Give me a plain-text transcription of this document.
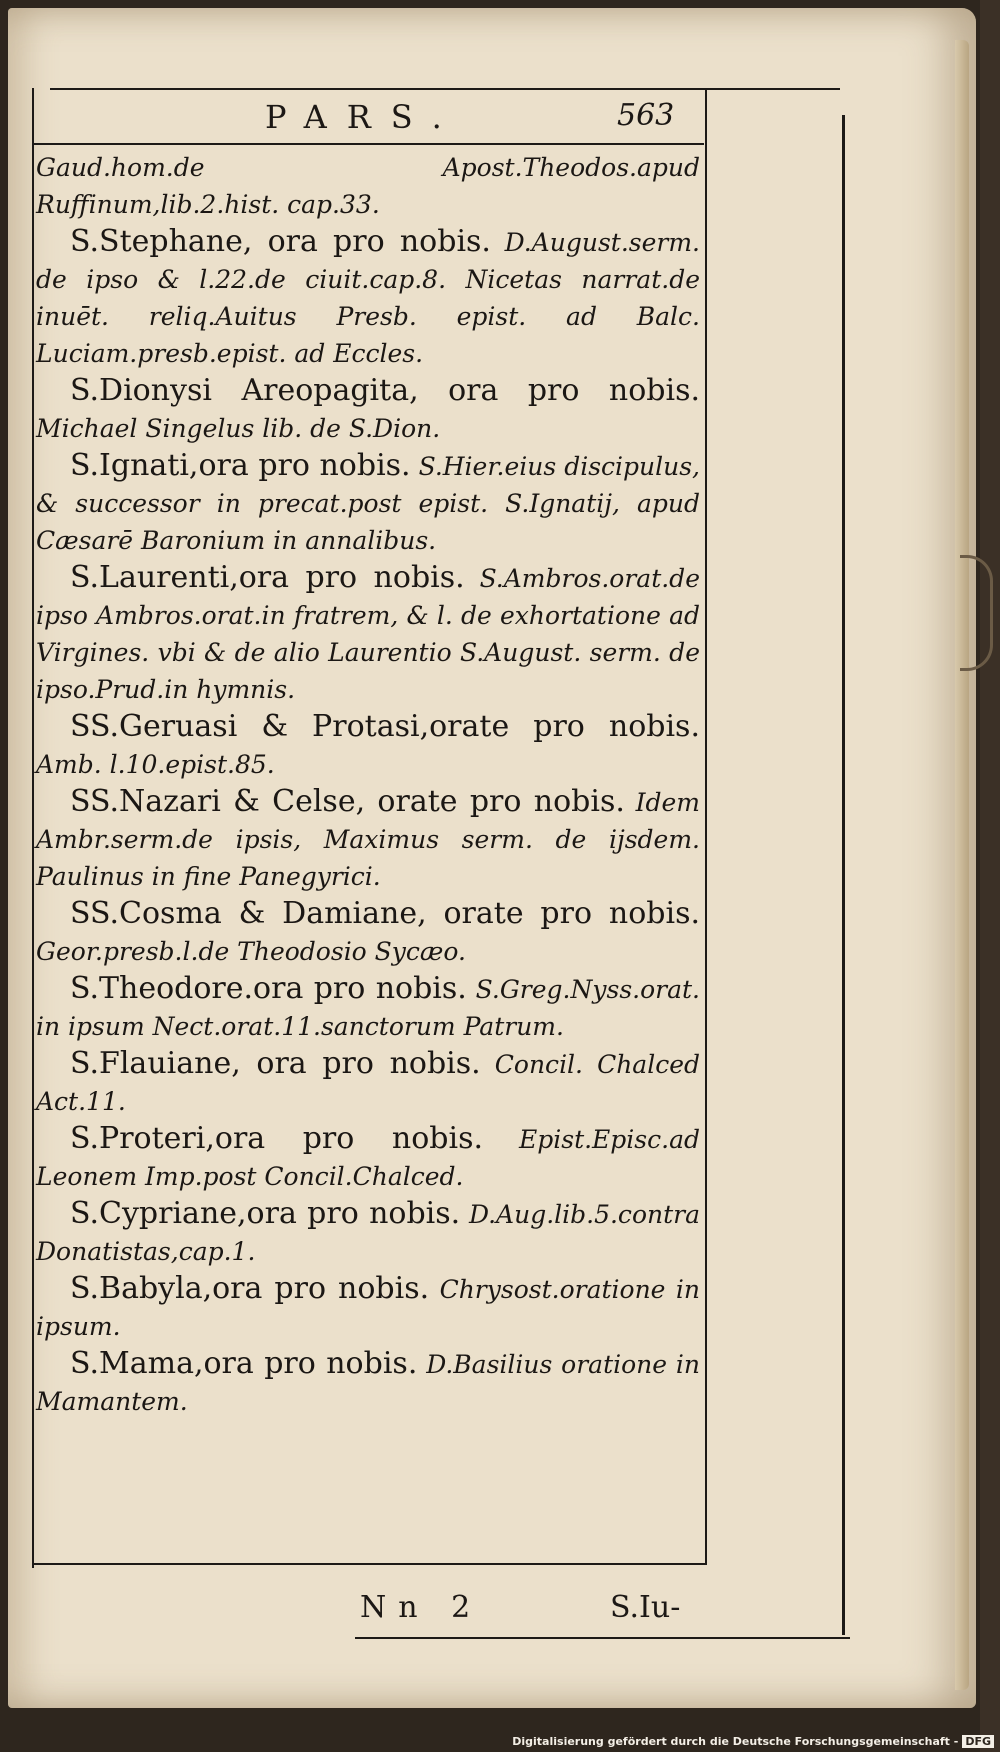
PARS.	563

Gaud.hom.de Apost.Theodos.apud Ruffinum,lib.2.hist. cap.33.

S.Stephane, ora pro nobis. D.August.serm. de ipso & l.22.de ciuit.cap.8. Nicetas narrat.de inuēt. reliq.Auitus Presb. epist. ad Balc. Luciam.presb.epist. ad Eccles.

S.Dionysi Areopagita, ora pro nobis. Michael Singelus lib. de S.Dion.

S.Ignati,ora pro nobis. S.Hier.eius discipulus, & successor in precat.post epist. S.Ignatij, apud Cæsarē Baronium in annalibus.

S.Laurenti,ora pro nobis. S.Ambros.orat.de ipso Ambros.orat.in fratrem, & l. de exhortatione ad Virgines. vbi & de alio Laurentio S.August. serm. de ipso.Prud.in hymnis.

SS.Geruasi & Protasi,orate pro nobis. Amb. l.10.epist.85.

SS.Nazari & Celse, orate pro nobis. Idem Ambr.serm.de ipsis, Maximus serm. de ijsdem. Paulinus in fine Panegyrici.

SS.Cosma & Damiane, orate pro nobis. Geor.presb.l.de Theodosio Sycæo.

S.Theodore.ora pro nobis. S.Greg.Nyss.orat. in ipsum Nect.orat.11.sanctorum Patrum.

S.Flauiane, ora pro nobis. Concil. Chalced Act.11.

S.Proteri,ora pro nobis. Epist.Episc.ad Leonem Imp.post Concil.Chalced.

S.Cypriane,ora pro nobis. D.Aug.lib.5.contra Donatistas,cap.1.

S.Babyla,ora pro nobis. Chrysost.oratione in ipsum.

S.Mama,ora pro nobis. D.Basilius oratione in Mamantem.

Nn 2	S.Iu-
Digitalisierung gefördert durch die Deutsche Forschungsgemeinschaft - DFG
